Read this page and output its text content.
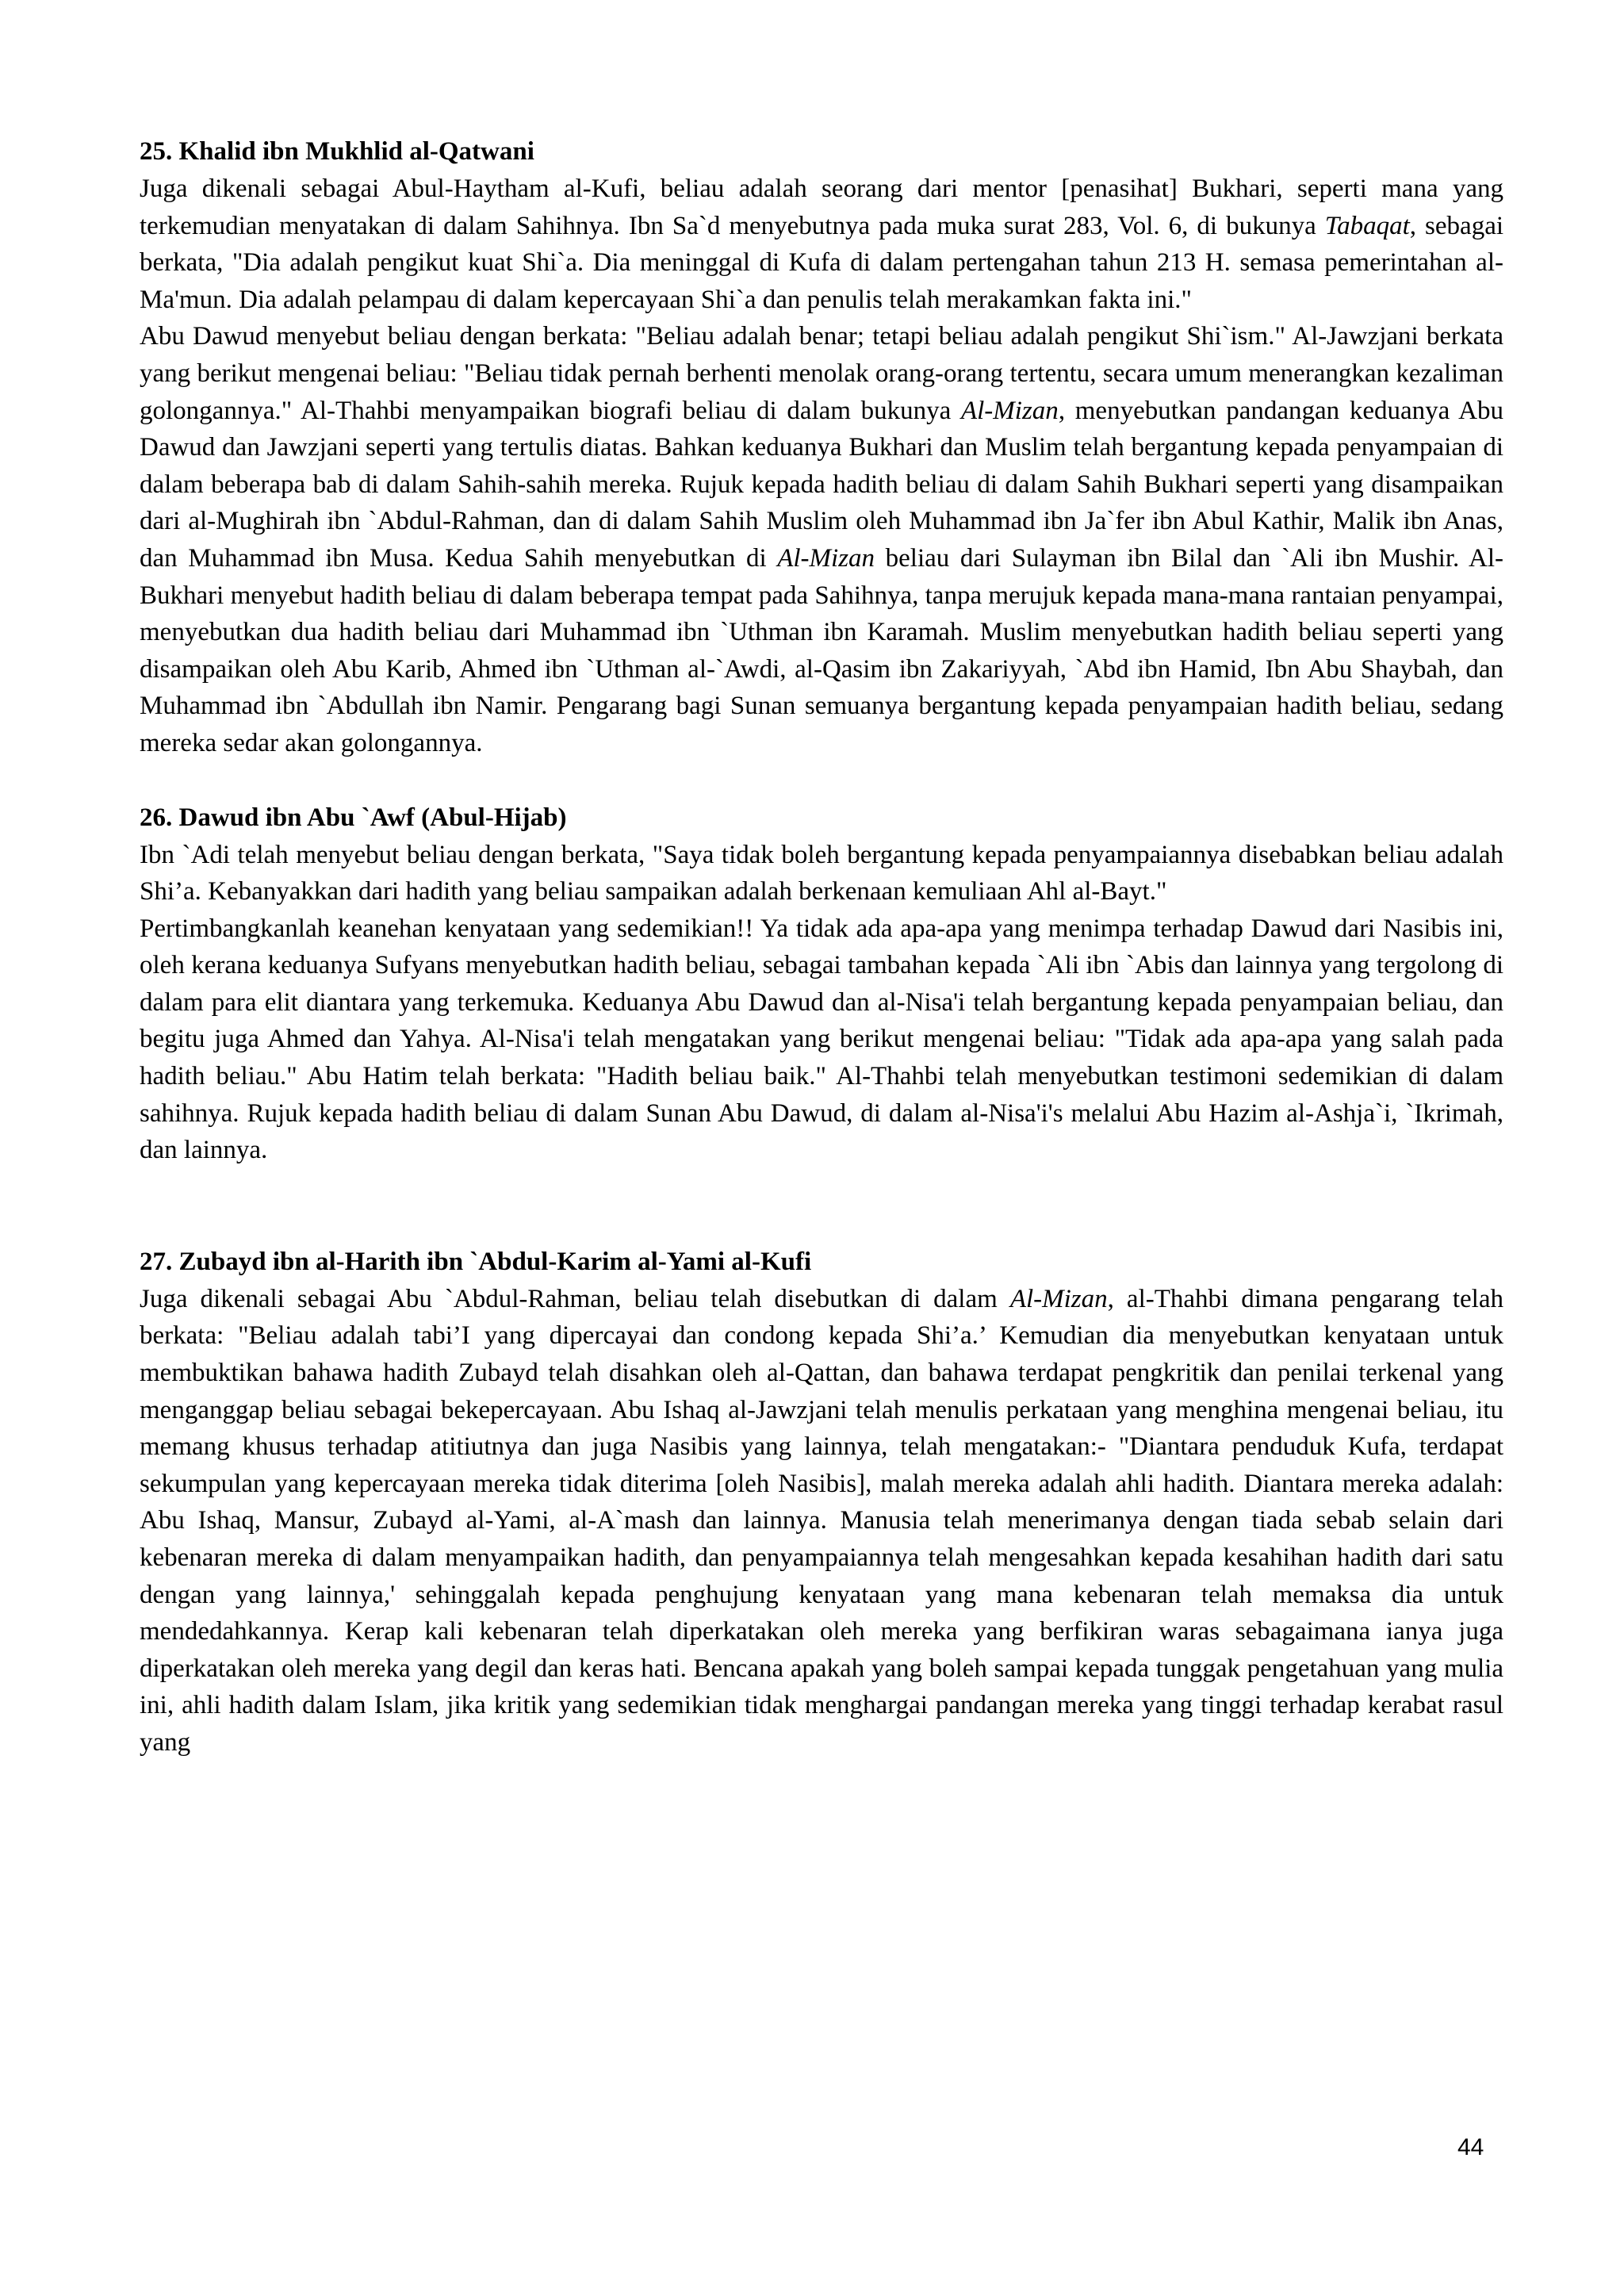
25. Khalid ibn Mukhlid al-Qatwani

Juga dikenali sebagai Abul-Haytham al-Kufi, beliau adalah seorang dari mentor [penasihat] Bukhari, seperti mana yang terkemudian menyatakan di dalam Sahihnya. Ibn Sa`d menyebutnya pada muka surat 283, Vol. 6, di bukunya Tabaqat, sebagai berkata, "Dia adalah pengikut kuat Shi`a. Dia meninggal di Kufa di dalam pertengahan tahun 213 H. semasa pemerintahan al-Ma'mun. Dia adalah pelampau di dalam kepercayaan Shi`a dan penulis telah merakamkan fakta ini."

Abu Dawud menyebut beliau dengan berkata: "Beliau adalah benar; tetapi beliau adalah pengikut Shi`ism." Al-Jawzjani berkata yang berikut mengenai beliau: "Beliau tidak pernah berhenti menolak orang-orang tertentu, secara umum menerangkan kezaliman golongannya." Al-Thahbi menyampaikan biografi beliau di dalam bukunya Al-Mizan, menyebutkan pandangan keduanya Abu Dawud dan Jawzjani seperti yang tertulis diatas. Bahkan keduanya Bukhari dan Muslim telah bergantung kepada penyampaian di dalam beberapa bab di dalam Sahih-sahih mereka. Rujuk kepada hadith beliau di dalam Sahih Bukhari seperti yang disampaikan dari al-Mughirah ibn `Abdul-Rahman, dan di dalam Sahih Muslim oleh Muhammad ibn Ja`fer ibn Abul Kathir, Malik ibn Anas, dan Muhammad ibn Musa. Kedua Sahih menyebutkan di Al-Mizan beliau dari Sulayman ibn Bilal dan `Ali ibn Mushir. Al-Bukhari menyebut hadith beliau di dalam beberapa tempat pada Sahihnya, tanpa merujuk kepada mana-mana rantaian penyampai, menyebutkan dua hadith beliau dari Muhammad ibn `Uthman ibn Karamah. Muslim menyebutkan hadith beliau seperti yang disampaikan oleh Abu Karib, Ahmed ibn `Uthman al-`Awdi, al-Qasim ibn Zakariyyah, `Abd ibn Hamid, Ibn Abu Shaybah, dan Muhammad ibn `Abdullah ibn Namir. Pengarang bagi Sunan semuanya bergantung kepada penyampaian hadith beliau, sedang mereka sedar akan golongannya.

26. Dawud ibn Abu `Awf (Abul-Hijab)

Ibn `Adi telah menyebut beliau dengan berkata, "Saya tidak boleh bergantung kepada penyampaiannya disebabkan beliau adalah Shi’a. Kebanyakkan dari hadith yang beliau sampaikan adalah berkenaan kemuliaan Ahl al-Bayt."

Pertimbangkanlah keanehan kenyataan yang sedemikian!! Ya tidak ada apa-apa yang menimpa terhadap Dawud dari Nasibis ini, oleh kerana keduanya Sufyans menyebutkan hadith beliau, sebagai tambahan kepada `Ali ibn `Abis dan lainnya yang tergolong di dalam para elit diantara yang terkemuka. Keduanya Abu Dawud dan al-Nisa'i telah bergantung kepada penyampaian beliau, dan begitu juga Ahmed dan Yahya. Al-Nisa'i telah mengatakan yang berikut mengenai beliau: "Tidak ada apa-apa yang salah pada hadith beliau." Abu Hatim telah berkata: "Hadith beliau baik." Al-Thahbi telah menyebutkan testimoni sedemikian di dalam sahihnya. Rujuk kepada hadith beliau di dalam Sunan Abu Dawud, di dalam al-Nisa'i's melalui Abu Hazim al-Ashja`i, `Ikrimah, dan lainnya.

27. Zubayd ibn al-Harith ibn `Abdul-Karim al-Yami al-Kufi

Juga dikenali sebagai Abu `Abdul-Rahman, beliau telah disebutkan di dalam Al-Mizan, al-Thahbi dimana pengarang telah berkata: "Beliau adalah tabi’I yang dipercayai dan condong kepada Shi’a.’ Kemudian dia menyebutkan kenyataan untuk membuktikan bahawa hadith Zubayd telah disahkan oleh al-Qattan, dan bahawa terdapat pengkritik dan penilai terkenal yang menganggap beliau sebagai bekepercayaan. Abu Ishaq al-Jawzjani telah menulis perkataan yang menghina mengenai beliau, itu memang khusus terhadap atitiutnya dan juga Nasibis yang lainnya, telah mengatakan:- "Diantara penduduk Kufa, terdapat sekumpulan yang kepercayaan mereka tidak diterima [oleh Nasibis], malah mereka adalah ahli hadith. Diantara mereka adalah: Abu Ishaq, Mansur, Zubayd al-Yami, al-A`mash dan lainnya. Manusia telah menerimanya dengan tiada sebab selain dari kebenaran mereka di dalam menyampaikan hadith, dan penyampaiannya telah mengesahkan kepada kesahihan hadith dari satu dengan yang lainnya,' sehinggalah kepada penghujung kenyataan yang mana kebenaran telah memaksa dia untuk mendedahkannya. Kerap kali kebenaran telah diperkatakan oleh mereka yang berfikiran waras sebagaimana ianya juga diperkatakan oleh mereka yang degil dan keras hati. Bencana apakah yang boleh sampai kepada tunggak pengetahuan yang mulia ini, ahli hadith dalam Islam, jika kritik yang sedemikian tidak menghargai pandangan mereka yang tinggi terhadap kerabat rasul yang

44
